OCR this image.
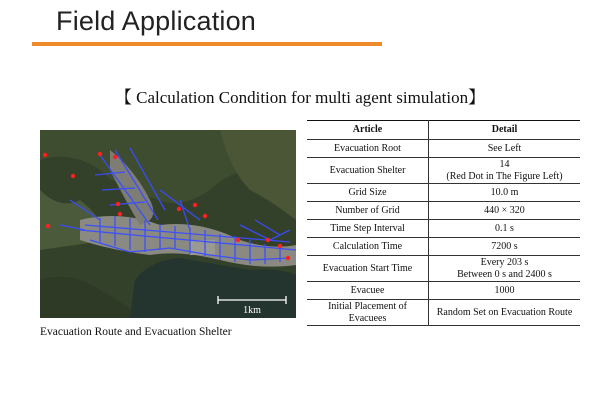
Field Application
【 Calculation Condition for multi agent simulation】
1km
Evacuation Route and Evacuation Shelter
Article	Detail
Evacuation Root	See Left

Evacuation Shelter	14
(Red Dot in The Figure Left)

Grid Size	10.0 m

Number of Grid	440 × 320

Time Step Interval	0.1 s

Calculation Time	7200 s

Evacuation Start Time	Every 203 s
Between 0 s and 2400 s

Evacuee	1000

Initial Placement of Evacuees	Random Set on Evacuation Route
